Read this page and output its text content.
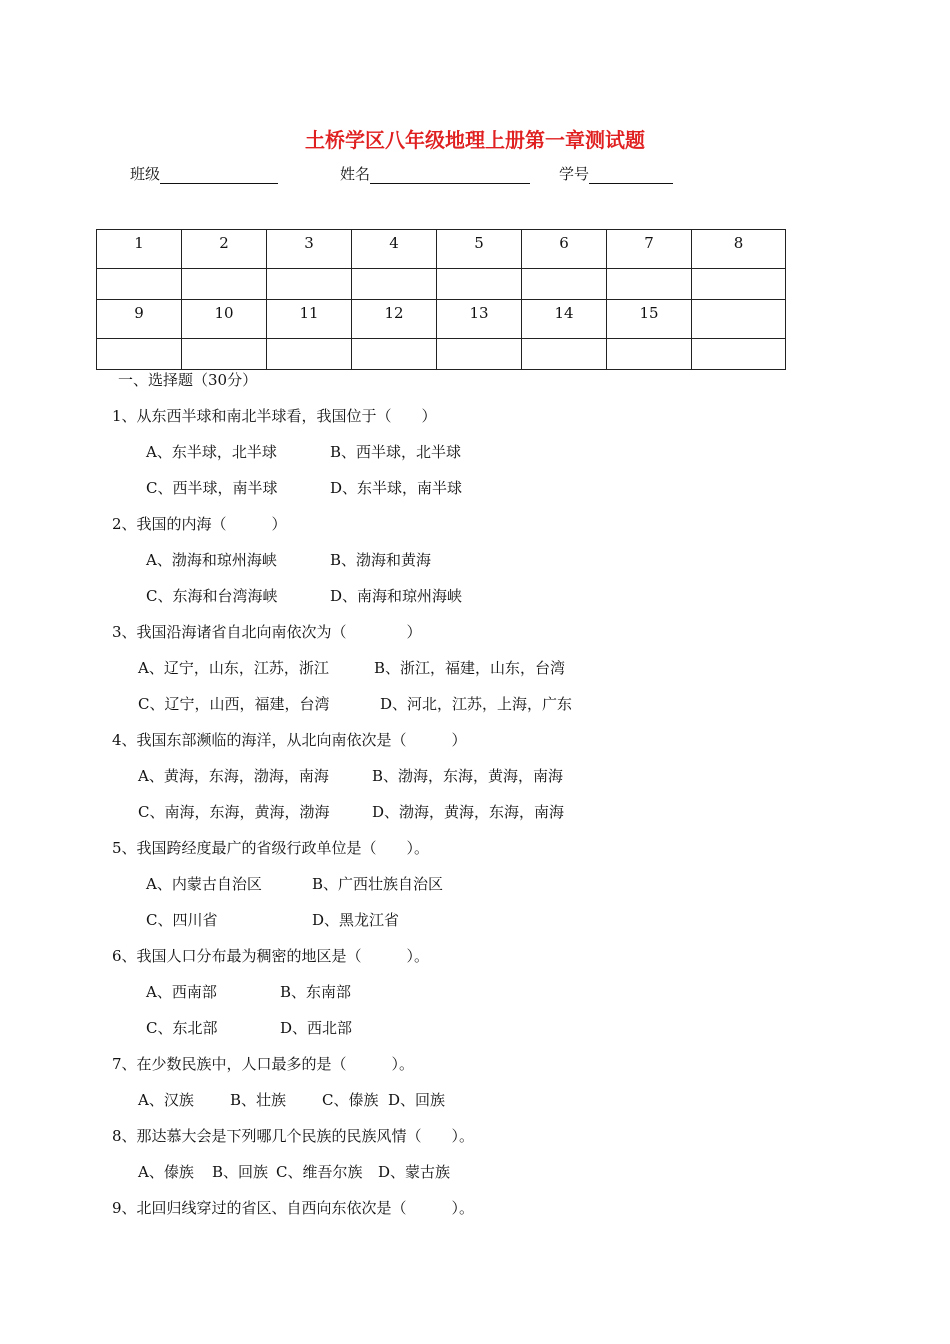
土桥学区八年级地理上册第一章测试题
班级	姓名	学号
1	2	3	4	5	6	7	8

9	10	11	12	13	14	15	

一、选择题（30分）
1、从东西半球和南北半球看，我国位于（　　）
A、东半球，北半球	B、西半球，北半球
C、西半球，南半球	D、东半球，南半球
2、我国的内海（　　　）
A、渤海和琼州海峡	B、渤海和黄海
C、东海和台湾海峡	D、南海和琼州海峡
3、我国沿海诸省自北向南依次为（　　　　）
A、辽宁，山东，江苏，浙江	B、浙江，福建，山东，台湾
C、辽宁，山西，福建，台湾	D、河北，江苏，上海，广东
4、我国东部濒临的海洋，从北向南依次是（　　　）
A、黄海，东海，渤海，南海	B、渤海，东海，黄海，南海
C、南海，东海，黄海，渤海	D、渤海，黄海，东海，南海
5、我国跨经度最广的省级行政单位是（　　）。
A、内蒙古自治区	B、广西壮族自治区
C、四川省	D、黑龙江省
6、我国人口分布最为稠密的地区是（　　　）。
A、西南部	B、东南部
C、东北部	D、西北部
7、在少数民族中，人口最多的是（　　　）。
A、汉族 B、壮族 C、傣族 D、回族
8、那达慕大会是下列哪几个民族的民族风情（　　）。
A、傣族 B、回族 C、维吾尔族 D、蒙古族
9、北回归线穿过的省区、自西向东依次是（　　　）。
